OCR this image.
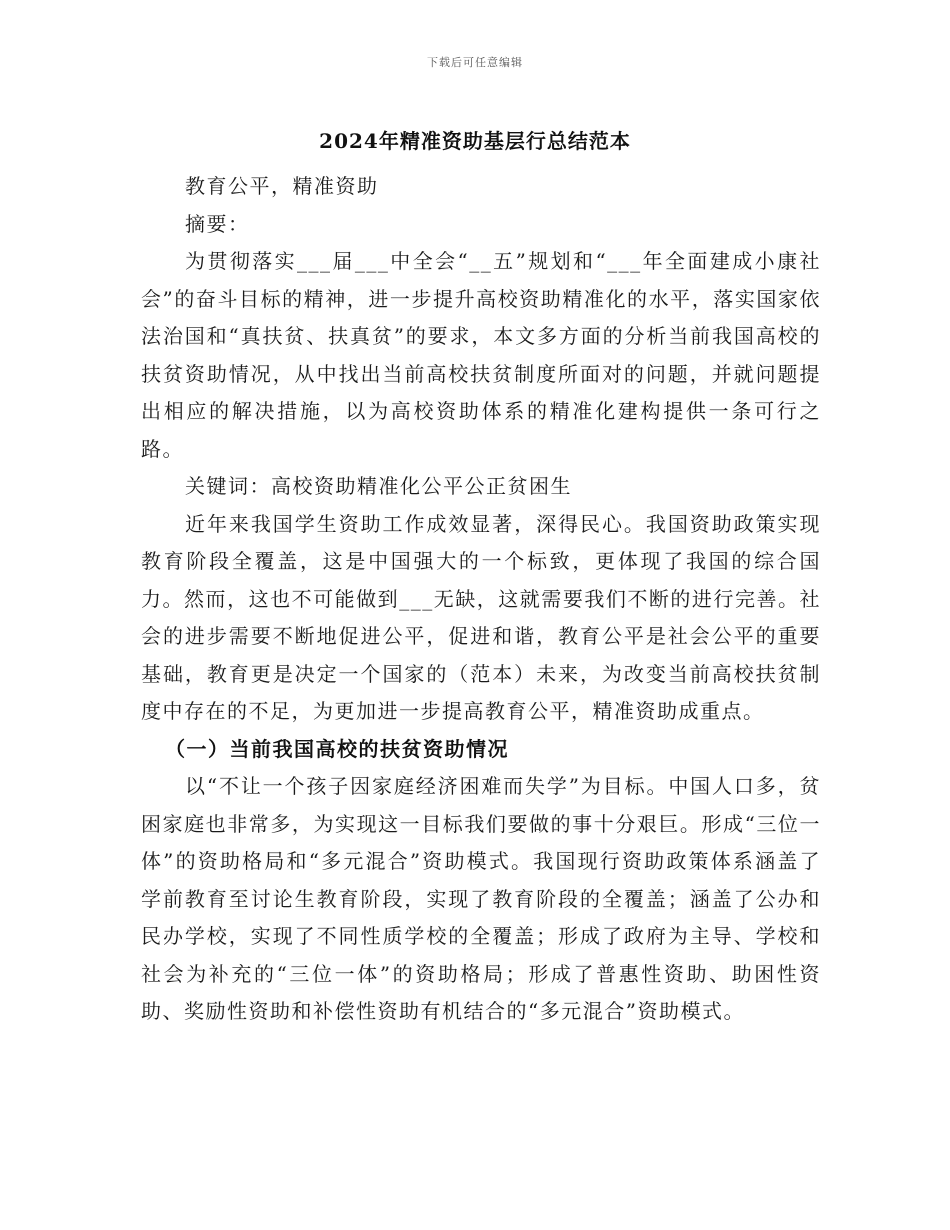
下载后可任意编辑
2024年精准资助基层行总结范本

教育公平，精准资助

摘要：

为贯彻落实___届___中全会“__五”规划和“___年全面建成小康社会”的奋斗目标的精神，进一步提升高校资助精准化的水平，落实国家依法治国和“真扶贫、扶真贫”的要求，本文多方面的分析当前我国高校的扶贫资助情况，从中找出当前高校扶贫制度所面对的问题，并就问题提出相应的解决措施，以为高校资助体系的精准化建构提供一条可行之路。

关键词：高校资助精准化公平公正贫困生

近年来我国学生资助工作成效显著，深得民心。我国资助政策实现教育阶段全覆盖，这是中国强大的一个标致，更体现了我国的综合国力。然而，这也不可能做到___无缺，这就需要我们不断的进行完善。社会的进步需要不断地促进公平，促进和谐，教育公平是社会公平的重要基础，教育更是决定一个国家的（范本）未来，为改变当前高校扶贫制度中存在的不足，为更加进一步提高教育公平，精准资助成重点。

（一）当前我国高校的扶贫资助情况

以“不让一个孩子因家庭经济困难而失学”为目标。中国人口多，贫困家庭也非常多，为实现这一目标我们要做的事十分艰巨。形成“三位一体”的资助格局和“多元混合”资助模式。我国现行资助政策体系涵盖了学前教育至讨论生教育阶段，实现了教育阶段的全覆盖；涵盖了公办和民办学校，实现了不同性质学校的全覆盖；形成了政府为主导、学校和社会为补充的“三位一体”的资助格局；形成了普惠性资助、助困性资助、奖励性资助和补偿性资助有机结合的“多元混合”资助模式。
